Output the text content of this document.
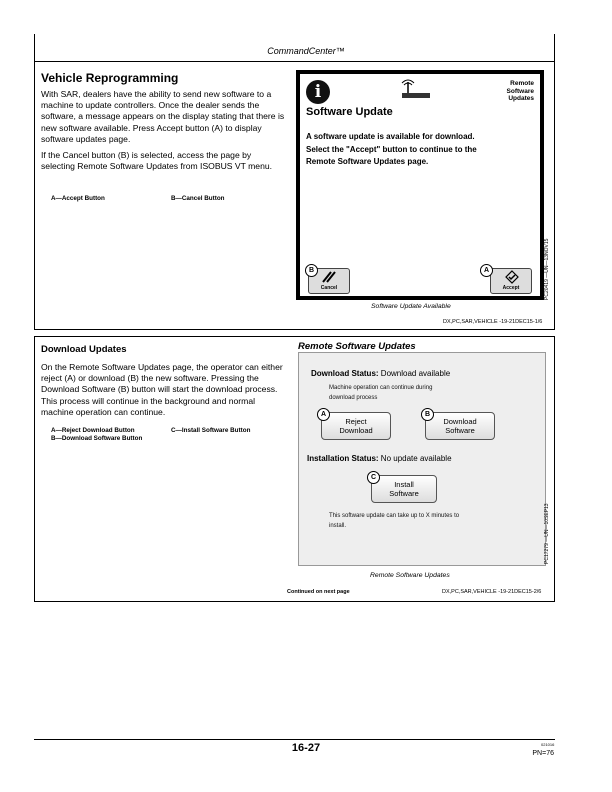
CommandCenter™
Vehicle Reprogramming
With SAR, dealers have the ability to send new software to a machine to update controllers. Once the dealer sends the software, a message appears on the display stating that there is new software available. Press Accept button (A) to display software updates page.
If the Cancel button (B) is selected, access the page by selecting Remote Software Updates from ISOBUS VT menu.
A—Accept Button	B—Cancel Button
i	Remote
Software
Updates
Software Update
A software update is available for download.
Select the "Accept" button to continue to the
Remote Software Updates page.
Cancel
B
Accept
A	PC20419 —UN—13NOV15
Software Update Available
DX,PC,SAR,VEHICLE -19-21DEC15-1/6
Download Updates
On the Remote Software Updates page, the operator can either reject (A) or download (B) the new software. Pressing the Download Software (B) button will start the download process. This process will continue in the background and normal machine operation can continue.
A—Reject Download Button	C—Install Software Button
B—Download Software Button
Remote Software Updates
Download Status: Download available
Machine operation can continue during
download process
Reject
Download
A
Download
Software
B
Installation Status: No update available
Install
Software
C
This software update can take up to X minutes to
install.	PC17279 —UN—10SEP13
Remote Software Updates
Continued on next page	DX,PC,SAR,VEHICLE -19-21DEC15-2/6
16-27	021016
PN=76
